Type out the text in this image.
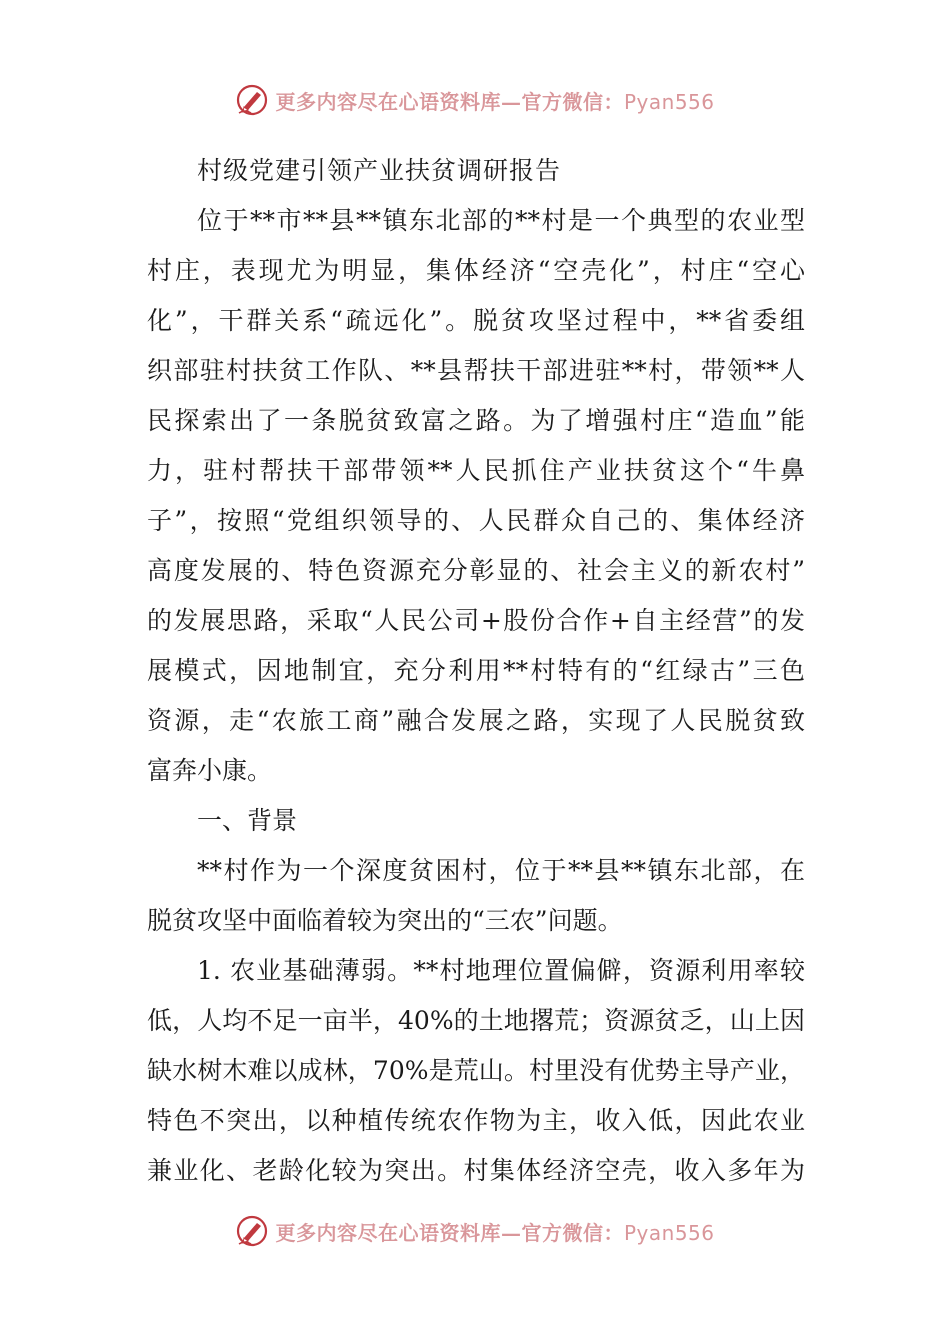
更多内容尽在心语资料库—官方微信：Pyan556
村级党建引领产业扶贫调研报告
位于**市**县**镇东北部的**村是一个典型的农业型
村庄，表现尤为明显，集体经济“空壳化”，村庄“空心
化”，干群关系“疏远化”。脱贫攻坚过程中，**省委组
织部驻村扶贫工作队、**县帮扶干部进驻**村，带领**人
民探索出了一条脱贫致富之路。为了增强村庄“造血”能
力，驻村帮扶干部带领**人民抓住产业扶贫这个“牛鼻
子”，按照“党组织领导的、人民群众自己的、集体经济
高度发展的、特色资源充分彰显的、社会主义的新农村”
的发展思路，采取“人民公司+股份合作+自主经营”的发
展模式，因地制宜，充分利用**村特有的“红绿古”三色
资源，走“农旅工商”融合发展之路，实现了人民脱贫致
富奔小康。
一、背景
**村作为一个深度贫困村，位于**县**镇东北部，在
脱贫攻坚中面临着较为突出的“三农”问题。
1. 农业基础薄弱。**村地理位置偏僻，资源利用率较
低，人均不足一亩半，40%的土地撂荒；资源贫乏，山上因
缺水树木难以成林，70%是荒山。村里没有优势主导产业，
特色不突出，以种植传统农作物为主，收入低，因此农业
兼业化、老龄化较为突出。村集体经济空壳，收入多年为
更多内容尽在心语资料库—官方微信：Pyan556
